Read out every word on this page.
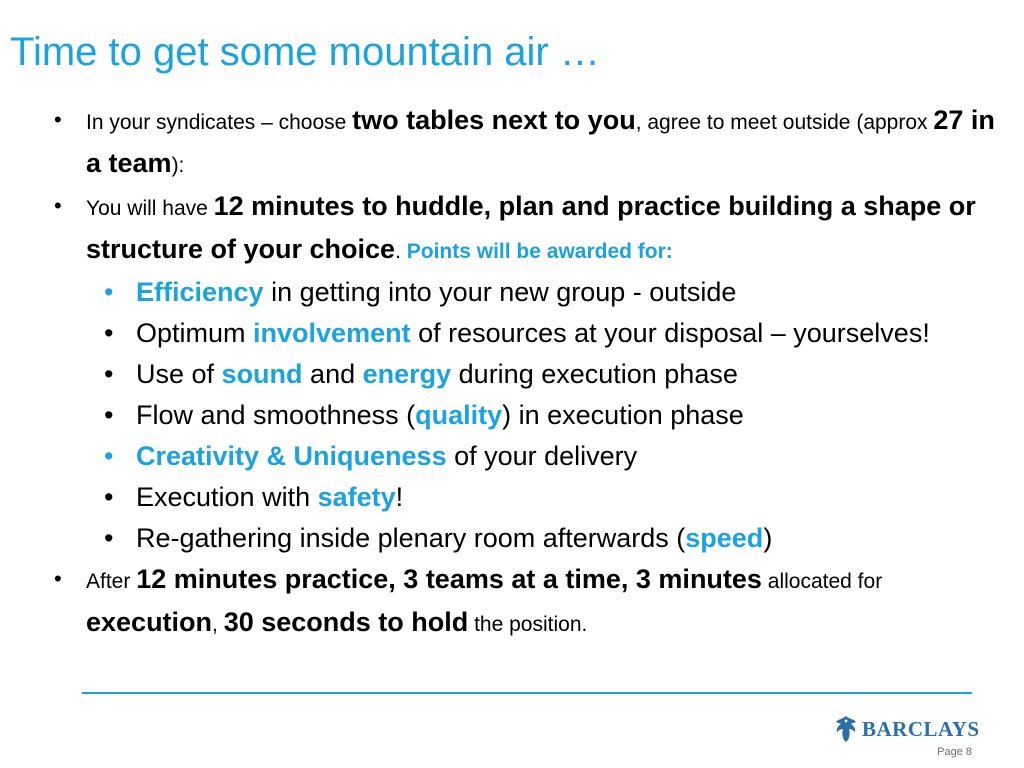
Time to get some mountain air …

• In your syndicates – choose two tables next to you, agree to meet outside (approx 27 in a team):

• You will have 12 minutes to huddle, plan and practice building a shape or structure of your choice. Points will be awarded for:

• Efficiency in getting into your new group - outside
• Optimum involvement of resources at your disposal – yourselves!
• Use of sound and energy during execution phase
• Flow and smoothness (quality) in execution phase
• Creativity & Uniqueness of your delivery
• Execution with safety!
• Re-gathering inside plenary room afterwards (speed)

• After 12 minutes practice, 3 teams at a time, 3 minutes allocated for execution, 30 seconds to hold the position.

BARCLAYS
Page 8
